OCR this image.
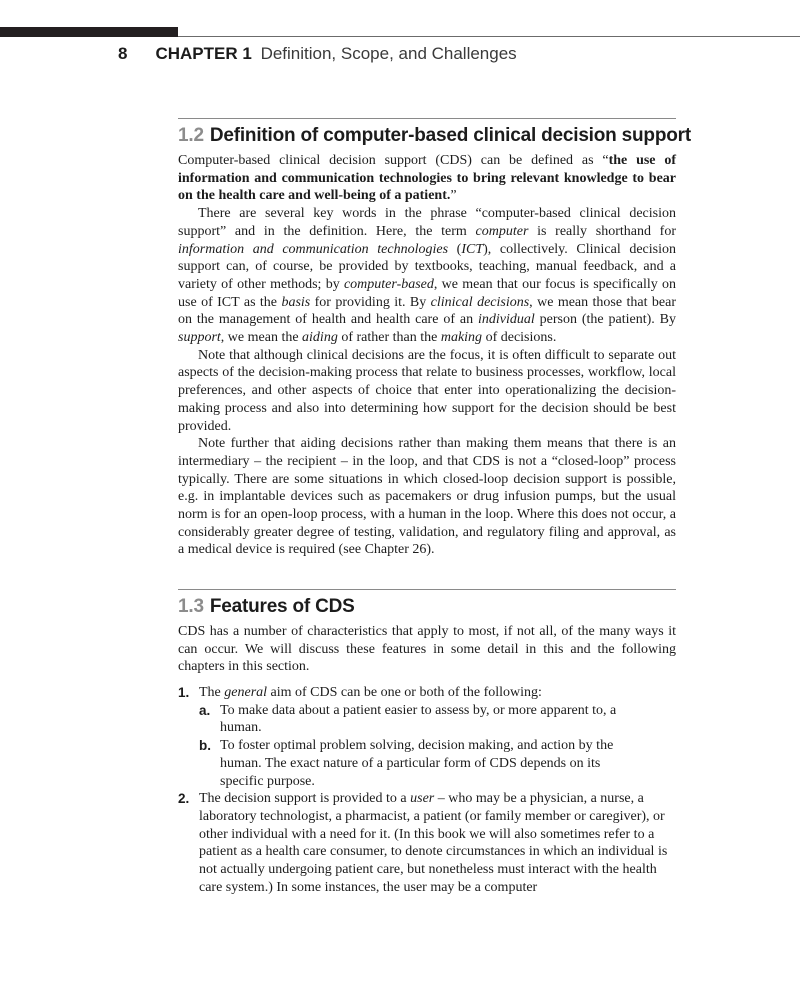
8 CHAPTER 1 Definition, Scope, and Challenges
1.2 Definition of computer-based clinical decision support

Computer-based clinical decision support (CDS) can be defined as “the use of information and communication technologies to bring relevant knowledge to bear on the health care and well-being of a patient.”

There are several key words in the phrase “computer-based clinical decision support” and in the definition. Here, the term computer is really shorthand for information and communication technologies (ICT), collectively. Clinical decision support can, of course, be provided by textbooks, teaching, manual feedback, and a variety of other methods; by computer-based, we mean that our focus is specifically on use of ICT as the basis for providing it. By clinical decisions, we mean those that bear on the management of health and health care of an individual person (the patient). By support, we mean the aiding of rather than the making of decisions.

Note that although clinical decisions are the focus, it is often difficult to separate out aspects of the decision-making process that relate to business processes, workflow, local preferences, and other aspects of choice that enter into operationalizing the decision-making process and also into determining how support for the decision should be best provided.

Note further that aiding decisions rather than making them means that there is an intermediary – the recipient – in the loop, and that CDS is not a “closed-loop” process typically. There are some situations in which closed-loop decision support is possible, e.g. in implantable devices such as pacemakers or drug infusion pumps, but the usual norm is for an open-loop process, with a human in the loop. Where this does not occur, a considerably greater degree of testing, validation, and regulatory filing and approval, as a medical device is required (see Chapter 26).

1.3 Features of CDS

CDS has a number of characteristics that apply to most, if not all, of the many ways it can occur. We will discuss these features in some detail in this and the following chapters in this section.

1. The general aim of CDS can be one or both of the following:
a. To make data about a patient easier to assess by, or more apparent to, a human.
b. To foster optimal problem solving, decision making, and action by the human. The exact nature of a particular form of CDS depends on its specific purpose.
2. The decision support is provided to a user – who may be a physician, a nurse, a laboratory technologist, a pharmacist, a patient (or family member or caregiver), or other individual with a need for it. (In this book we will also sometimes refer to a patient as a health care consumer, to denote circumstances in which an individual is not actually undergoing patient care, but nonetheless must interact with the health care system.) In some instances, the user may be a computer
